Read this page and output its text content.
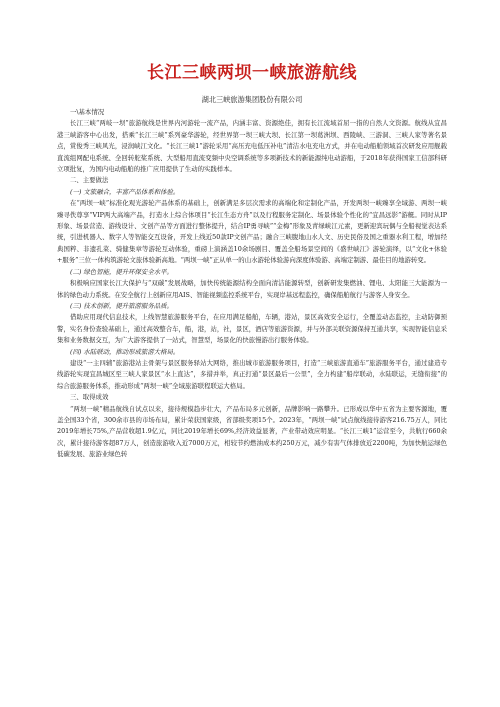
长江三峡两坝一峡旅游航线
湖北三峡旅游集团股份有限公司

一\基本情况

长江三峡“两岐一坝”旅游航线是世界内河游轮一流产品，内涵丰富、资源绝佳，拥有长江流域首屈一指的自然人文资源。航线从宜昌港三峡游客中心出发，搭乘“长江三峡”系列豪华游轮，经世界第一坝三峡大坝、长江第一坝葛洲坝、西陵峡、三游洞、三峡人家等著名景点，赏俊秀三峡风光，浸润峡江文化。“长江三峡1”游轮采用“高压充电低压补电”清洁水电充电方式，并在电动船舶领域首次研发应用舰载直流组网配电系统、全回转舵桨系统、大型船用直流变频中央空调系统等多项新技术的新能源纯电动游船，于2018年获得国家工信部科研立项批复，为国内电动船舶的推广应用提供了生动的实践样本。

二、主要做法

(一) 文旅融合，丰富产品体系和体验。

在“两坝一峡”标准化观光游轮产品体系的基础上，创新满足多层次需求的高端化和定制化产品，开发两坝一峡臻享全域游、两坝一峡臻寻佚尊享“VIP两大高端产品，打造水上综合体项目“长江生态方舟”以及行程服务定制化、场景体验个性化的“宜昌远影”游艇。同时从IP形象、场景营造、游线设计、文创产品等方面进行整体提升，结合IP勇寻峡”“金梅”形象及青绿峡江元素，更新迎宾玩偶与全船视觉表达系统，引进机器人、数字人等智能交互设备，开发上线近50款IP文创产品；融合三峡腹地山水人文、历史民俗及国之重器水利工程，增加经典国粹、非遗孔菜、骑健集章等游轮互动体验，重磅上演涵盖10余场剧目、覆盖全船场景空间的《盛世峡江》游轮演绎，以“文化+休验+服务”三位一体构筑游轮文旅体验新高地。“两坝一峡”正从单一的山水游轮体验游向深度体验游、高端定制游、最佳目的地游转变。

(二) 绿色智能，提升环保安全水平。

积极响应国家长江大保护与“双碳”发展战略，加快传统能源结构全面向清洁能源转型，创新研发集燃油、锂电、太阳能三大能源为一体的绿色动力系统。在安全航行上创新应用AIS、智能视频监控系统平台，实现岸基远程监控，确保船舶航行与游客人身安全。

(三) 技术创新，提升旅游服务品质。

借助应用现代信息技术，上线智慧旅游服务平台，在应用满足船舶，车辆，港站，景区高效安全运行，全覆盖动态监控，主动防御预警，实名身份查验基础上，通过高效整合车，船，港，站，社，景区，酒店等旅游资源，并与外部关联资源保持互通共享，实现智能信息采集和业务数据交互，为广大游客提供了一站式，智慧型，场景化的快旅慢游出行服务体验。

(四) 水陆联动，推动形成旅游大格局。

建设“一主四辅”旅游港站主骨架与景区服务驿站大网络，推出城市旅游服务项目，打造“三峡旅游直通车”旅游服务平台，通过建造专线游轮实现宜昌城区至三峡人家景区“水上直达”，多措并举，真正打通“景区最后一公里”，全力构建“船岸联动，水陆联运，无缝衔接”的综合旅游服务体系，推动形成“两坝一峡”全域旅游联程联运大格局。

三、取得成效

“两坝一峡”精品航线自试点以来，接待规模趋步壮大，产品布局多元创新，品牌影响一路攀升。已形成以华中五省为主要客源地，覆盖全国33个省，300余市县的市场布局，累计荣获国家级，省部级奖项15个。2023年，“两坝一峡”试点航线接待游客216.75万人，同比2019年增长75%,产品营收超1.9亿元，同比2019年增长69%,经济效益显著，产业带动效应明显。“长江三峡1”运营至今，共航行660余次，累计接待游客超87万人，创造旅游收入近7000万元，相较节约燃油成本约250万元，减少有害气体排放近2200吨，为加快航运绿色低碳发展、旅游业绿色转
